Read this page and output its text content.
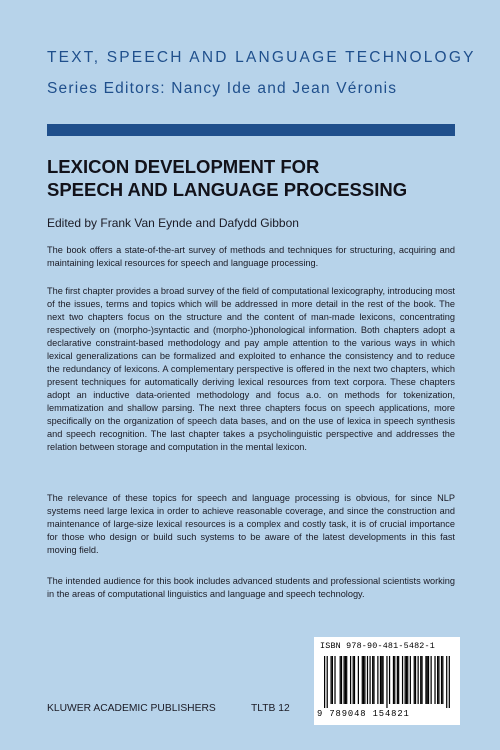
TEXT, SPEECH AND LANGUAGE TECHNOLOGY
Series Editors: Nancy Ide and Jean Véronis
LEXICON DEVELOPMENT FOR
SPEECH AND LANGUAGE PROCESSING
Edited by Frank Van Eynde and Dafydd Gibbon

The book offers a state-of-the-art survey of methods and techniques for structuring, acquiring and maintaining lexical resources for speech and language processing.

The first chapter provides a broad survey of the field of computational lexicography, introducing most of the issues, terms and topics which will be addressed in more detail in the rest of the book. The next two chapters focus on the structure and the content of man-made lexicons, concentrating respectively on (morpho-)syntactic and (morpho-)phonological information. Both chapters adopt a declarative constraint-based methodology and pay ample attention to the various ways in which lexical generalizations can be formalized and exploited to enhance the consistency and to reduce the redundancy of lexicons. A complementary perspective is offered in the next two chapters, which present techniques for automatically deriving lexical resources from text corpora. These chapters adopt an inductive data-oriented methodology and focus a.o. on methods for tokenization, lemmatization and shallow parsing. The next three chapters focus on speech applications, more specifically on the organization of speech data bases, and on the use of lexica in speech synthesis and speech recognition. The last chapter takes a psycholinguistic perspective and addresses the relation between storage and computation in the mental lexicon.

The relevance of these topics for speech and language processing is obvious, for since NLP systems need large lexica in order to achieve reasonable coverage, and since the construction and maintenance of large-size lexical resources is a complex and costly task, it is of crucial importance for those who design or build such systems to be aware of the latest developments in this fast moving field.

The intended audience for this book includes advanced students and professional scientists working in the areas of computational linguistics and language and speech technology.

ISBN 978-90-481-5482-1
9 789048 154821
KLUWER ACADEMIC PUBLISHERS	TLTB 12
